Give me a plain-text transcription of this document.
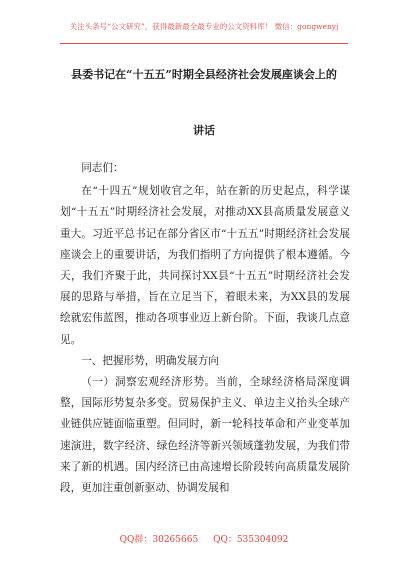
关注头条号“公文研究”，获得最新最全最专业的公文资料库！ 微信：gongwenyj
县委书记在“十五五”时期全县经济社会发展座谈会上的
讲话

同志们：

在“十四五”规划收官之年，站在新的历史起点，科学谋划“十五五”时期经济社会发展，对推动XX县高质量发展意义重大。习近平总书记在部分省区市“十五五”时期经济社会发展座谈会上的重要讲话，为我们指明了方向提供了根本遵循。今天，我们齐聚于此，共同探讨XX县“十五五”时期经济社会发展的思路与举措，旨在立足当下，着眼未来，为XX县的发展绘就宏伟蓝图，推动各项事业迈上新台阶。下面，我谈几点意见。

一、把握形势，明确发展方向

（一）洞察宏观经济形势。当前，全球经济格局深度调整，国际形势复杂多变。贸易保护主义、单边主义抬头全球产业链供应链面临重塑。但同时，新一轮科技革命和产业变革加速演进，数字经济、绿色经济等新兴领域蓬勃发展，为我们带来了新的机遇。国内经济已由高速增长阶段转向高质量发展阶段，更加注重创新驱动、协调发展和

QQ群：30265665 QQ：535304092
